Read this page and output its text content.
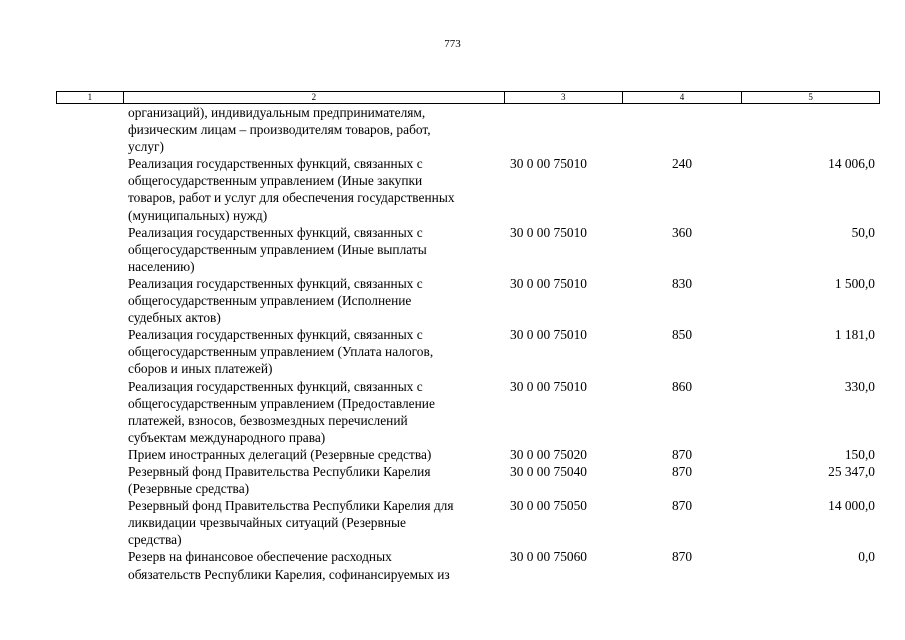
773
1	2	3	4	5
организаций), индивидуальным предпринимателям,
физическим лицам – производителям товаров, работ,
услуг)
Реализация государственных функций, связанных с
общегосударственным управлением (Иные закупки
товаров, работ и услуг для обеспечения государственных
(муниципальных) нужд)
30 0 00 75010	240	14 006,0
Реализация государственных функций, связанных с
общегосударственным управлением (Иные выплаты
населению)
30 0 00 75010	360	50,0
Реализация государственных функций, связанных с
общегосударственным управлением (Исполнение
судебных актов)
30 0 00 75010	830	1 500,0
Реализация государственных функций, связанных с
общегосударственным управлением (Уплата налогов,
сборов и иных платежей)
30 0 00 75010	850	1 181,0
Реализация государственных функций, связанных с
общегосударственным управлением (Предоставление
платежей, взносов, безвозмездных перечислений
субъектам международного права)
30 0 00 75010	860	330,0
Прием иностранных делегаций (Резервные средства)	30 0 00 75020	870	150,0
Резервный фонд Правительства Республики Карелия
(Резервные средства)
30 0 00 75040	870	25 347,0
Резервный фонд Правительства Республики Карелия для
ликвидации чрезвычайных ситуаций (Резервные
средства)
30 0 00 75050	870	14 000,0
Резерв на финансовое обеспечение расходных
обязательств Республики Карелия, софинансируемых из
30 0 00 75060	870	0,0
